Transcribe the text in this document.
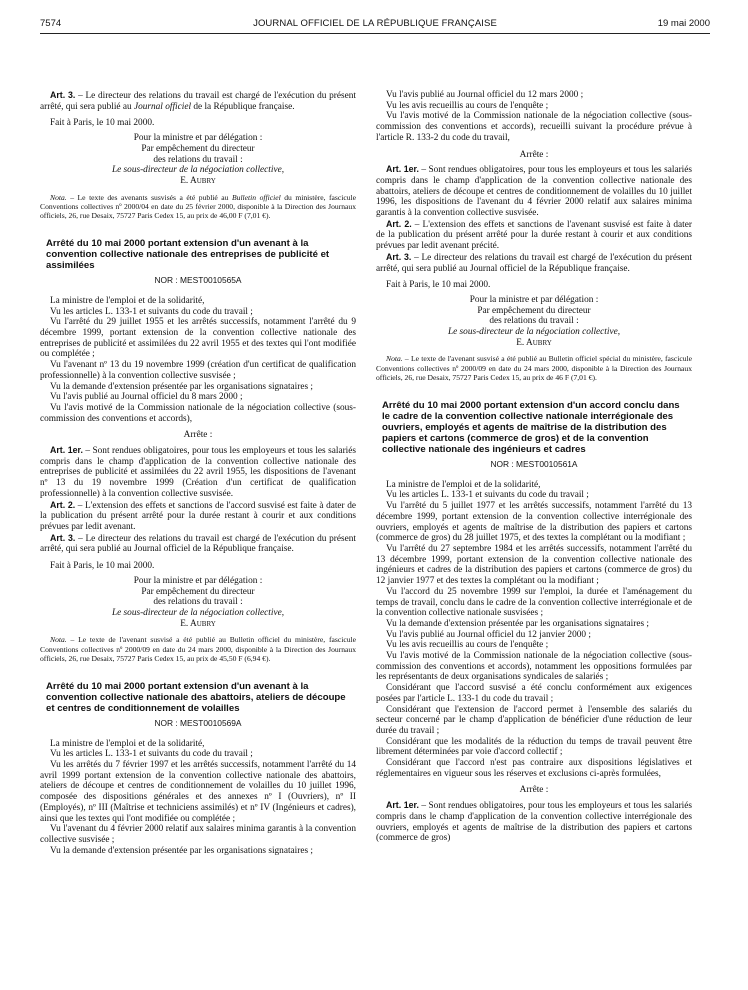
7574	JOURNAL OFFICIEL DE LA RÉPUBLIQUE FRANÇAISE	19 mai 2000

Art. 3. – Le directeur des relations du travail est chargé de l'exécution du présent arrêté, qui sera publié au Journal officiel de la République française.

Fait à Paris, le 10 mai 2000.

Pour la ministre et par délégation :

Par empêchement du directeur

des relations du travail :

Le sous-directeur de la négociation collective,

E. Aubry

Nota. – Le texte des avenants susvisés a été publié au Bulletin officiel du ministère, fascicule Conventions collectives nº 2000/04 en date du 25 février 2000, disponible à la Direction des Journaux officiels, 26, rue Desaix, 75727 Paris Cedex 15, au prix de 46,00 F (7,01 €).

Arrêté du 10 mai 2000 portant extension d'un avenant à la convention collective nationale des entreprises de publicité et assimilées

NOR : MESТ0010565A

La ministre de l'emploi et de la solidarité,

Vu les articles L. 133-1 et suivants du code du travail ;

Vu l'arrêté du 29 juillet 1955 et les arrêtés successifs, notamment l'arrêté du 9 décembre 1999, portant extension de la convention collective nationale des entreprises de publicité et assimilées du 22 avril 1955 et des textes qui l'ont modifiée ou complétée ;

Vu l'avenant nº 13 du 19 novembre 1999 (création d'un certificat de qualification professionnelle) à la convention collective susvisée ;

Vu la demande d'extension présentée par les organisations signataires ;

Vu l'avis publié au Journal officiel du 8 mars 2000 ;

Vu l'avis motivé de la Commission nationale de la négociation collective (sous-commission des conventions et accords),

Arrête :

Art. 1er. – Sont rendues obligatoires, pour tous les employeurs et tous les salariés compris dans le champ d'application de la convention collective nationale des entreprises de publicité et assimilées du 22 avril 1955, les dispositions de l'avenant nº 13 du 19 novembre 1999 (Création d'un certificat de qualification professionnelle) à la convention collective susvisée.

Art. 2. – L'extension des effets et sanctions de l'accord susvisé est faite à dater de la publication du présent arrêté pour la durée restant à courir et aux conditions prévues par ledit avenant.

Art. 3. – Le directeur des relations du travail est chargé de l'exécution du présent arrêté, qui sera publié au Journal officiel de la République française.

Fait à Paris, le 10 mai 2000.

Pour la ministre et par délégation :

Par empêchement du directeur

des relations du travail :

Le sous-directeur de la négociation collective,

E. Aubry

Nota. – Le texte de l'avenant susvisé a été publié au Bulletin officiel du ministère, fascicule Conventions collectives nº 2000/09 en date du 24 mars 2000, disponible à la Direction des Journaux officiels, 26, rue Desaix, 75727 Paris Cedex 15, au prix de 45,50 F (6,94 €).

Arrêté du 10 mai 2000 portant extension d'un avenant à la convention collective nationale des abattoirs, ateliers de découpe et centres de conditionnement de volailles

NOR : MESТ0010569A

La ministre de l'emploi et de la solidarité,

Vu les articles L. 133-1 et suivants du code du travail ;

Vu les arrêtés du 7 février 1997 et les arrêtés successifs, notamment l'arrêté du 14 avril 1999 portant extension de la convention collective nationale des abattoirs, ateliers de découpe et centres de conditionnement de volailles du 10 juillet 1996, composée des dispositions générales et des annexes nº I (Ouvriers), nº II (Employés), nº III (Maîtrise et techniciens assimilés) et nº IV (Ingénieurs et cadres), ainsi que les textes qui l'ont modifiée ou complétée ;

Vu l'avenant du 4 février 2000 relatif aux salaires minima garantis à la convention collective susvisée ;

Vu la demande d'extension présentée par les organisations signataires ;

Vu l'avis publié au Journal officiel du 12 mars 2000 ;

Vu les avis recueillis au cours de l'enquête ;

Vu l'avis motivé de la Commission nationale de la négociation collective (sous-commission des conventions et accords), recueilli suivant la procédure prévue à l'article R. 133-2 du code du travail,

Arrête :

Art. 1er. – Sont rendues obligatoires, pour tous les employeurs et tous les salariés compris dans le champ d'application de la convention collective nationale des abattoirs, ateliers de découpe et centres de conditionnement de volailles du 10 juillet 1996, les dispositions de l'avenant du 4 février 2000 relatif aux salaires minima garantis à la convention collective susvisée.

Art. 2. – L'extension des effets et sanctions de l'avenant susvisé est faite à dater de la publication du présent arrêté pour la durée restant à courir et aux conditions prévues par ledit avenant précité.

Art. 3. – Le directeur des relations du travail est chargé de l'exécution du présent arrêté, qui sera publié au Journal officiel de la République française.

Fait à Paris, le 10 mai 2000.

Pour la ministre et par délégation :

Par empêchement du directeur

des relations du travail :

Le sous-directeur de la négociation collective,

E. Aubry

Nota. – Le texte de l'avenant susvisé a été publié au Bulletin officiel spécial du ministère, fascicule Conventions collectives nº 2000/09 en date du 24 mars 2000, disponible à la Direction des Journaux officiels, 26, rue Desaix, 75727 Paris Cedex 15, au prix de 46 F (7,01 €).

Arrêté du 10 mai 2000 portant extension d'un accord conclu dans le cadre de la convention collective nationale interrégionale des ouvriers, employés et agents de maîtrise de la distribution des papiers et cartons (commerce de gros) et de la convention collective nationale des ingénieurs et cadres

NOR : MESТ0010561A

La ministre de l'emploi et de la solidarité,

Vu les articles L. 133-1 et suivants du code du travail ;

Vu l'arrêté du 5 juillet 1977 et les arrêtés successifs, notamment l'arrêté du 13 décembre 1999, portant extension de la convention collective interrégionale des ouvriers, employés et agents de maîtrise de la distribution des papiers et cartons (commerce de gros) du 28 juillet 1975, et des textes la complétant ou la modifiant ;

Vu l'arrêté du 27 septembre 1984 et les arrêtés successifs, notamment l'arrêté du 13 décembre 1999, portant extension de la convention collective nationale des ingénieurs et cadres de la distribution des papiers et cartons (commerce de gros) du 12 janvier 1977 et des textes la complétant ou la modifiant ;

Vu l'accord du 25 novembre 1999 sur l'emploi, la durée et l'aménagement du temps de travail, conclu dans le cadre de la convention collective interrégionale et de la convention collective nationale susvisées ;

Vu la demande d'extension présentée par les organisations signataires ;

Vu l'avis publié au Journal officiel du 12 janvier 2000 ;

Vu les avis recueillis au cours de l'enquête ;

Vu l'avis motivé de la Commission nationale de la négociation collective (sous-commission des conventions et accords), notamment les oppositions formulées par les représentants de deux organisations syndicales de salariés ;

Considérant que l'accord susvisé a été conclu conformément aux exigences posées par l'article L. 133-1 du code du travail ;

Considérant que l'extension de l'accord permet à l'ensemble des salariés du secteur concerné par le champ d'application de bénéficier d'une réduction de leur durée du travail ;

Considérant que les modalités de la réduction du temps de travail peuvent être librement déterminées par voie d'accord collectif ;

Considérant que l'accord n'est pas contraire aux dispositions législatives et réglementaires en vigueur sous les réserves et exclusions ci-après formulées,

Arrête :

Art. 1er. – Sont rendues obligatoires, pour tous les employeurs et tous les salariés compris dans le champ d'application de la convention collective interrégionale des ouvriers, employés et agents de maîtrise de la distribution des papiers et cartons (commerce de gros)
